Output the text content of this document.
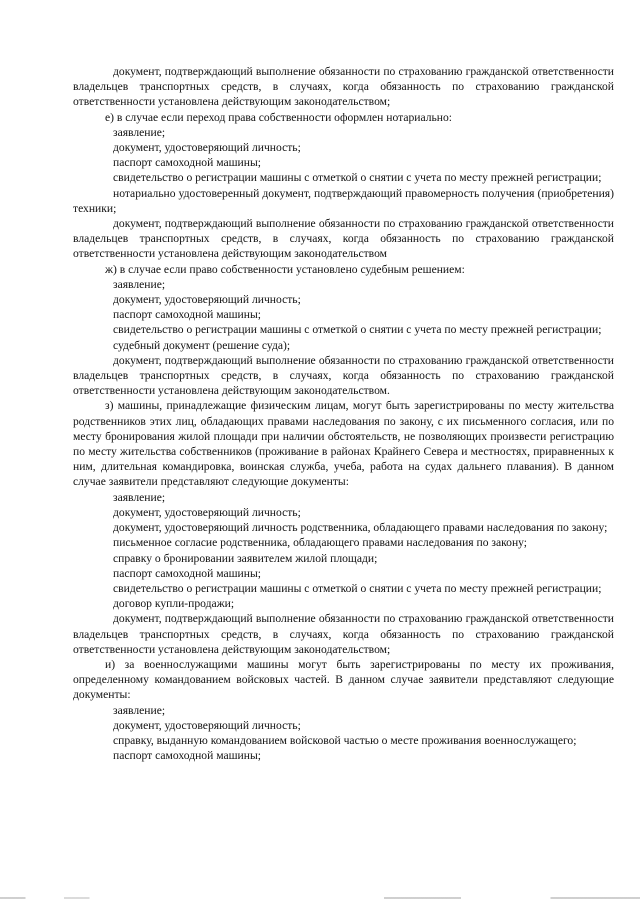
документ, подтверждающий выполнение обязанности по страхованию гражданской ответственности владельцев транспортных средств, в случаях, когда обязанность по страхованию гражданской ответственности установлена действующим законодательством;

е) в случае если переход права собственности оформлен нотариально:

заявление;

документ, удостоверяющий личность;

паспорт самоходной машины;

свидетельство о регистрации машины с отметкой о снятии с учета по месту прежней регистрации;

нотариально удостоверенный документ, подтверждающий правомерность получения (приобретения) техники;

документ, подтверждающий выполнение обязанности по страхованию гражданской ответственности владельцев транспортных средств, в случаях, когда обязанность по страхованию гражданской ответственности установлена действующим законодательством

ж) в случае если право собственности установлено судебным решением:

заявление;

документ, удостоверяющий личность;

паспорт самоходной машины;

свидетельство о регистрации машины с отметкой о снятии с учета по месту прежней регистрации;

судебный документ (решение суда);

документ, подтверждающий выполнение обязанности по страхованию гражданской ответственности владельцев транспортных средств, в случаях, когда обязанность по страхованию гражданской ответственности установлена действующим законодательством.

з) машины, принадлежащие физическим лицам, могут быть зарегистрированы по месту жительства родственников этих лиц, обладающих правами наследования по закону, с их письменного согласия, или по месту бронирования жилой площади при наличии обстоятельств, не позволяющих произвести регистрацию по месту жительства собственников (проживание в районах Крайнего Севера и местностях, приравненных к ним, длительная командировка, воинская служба, учеба, работа на судах дальнего плавания). В данном случае заявители представляют следующие документы:

заявление;

документ, удостоверяющий личность;

документ, удостоверяющий личность родственника, обладающего правами наследования по закону;

письменное согласие родственника, обладающего правами наследования по закону;

справку о бронировании заявителем жилой площади;

паспорт самоходной машины;

свидетельство о регистрации машины с отметкой о снятии с учета по месту прежней регистрации;

договор купли-продажи;

документ, подтверждающий выполнение обязанности по страхованию гражданской ответственности владельцев транспортных средств, в случаях, когда обязанность по страхованию гражданской ответственности установлена действующим законодательством;

и) за военнослужащими машины могут быть зарегистрированы по месту их проживания, определенному командованием войсковых частей. В данном случае заявители представляют следующие документы:

заявление;

документ, удостоверяющий личность;

справку, выданную командованием войсковой частью о месте проживания военнослужащего;

паспорт самоходной машины;
